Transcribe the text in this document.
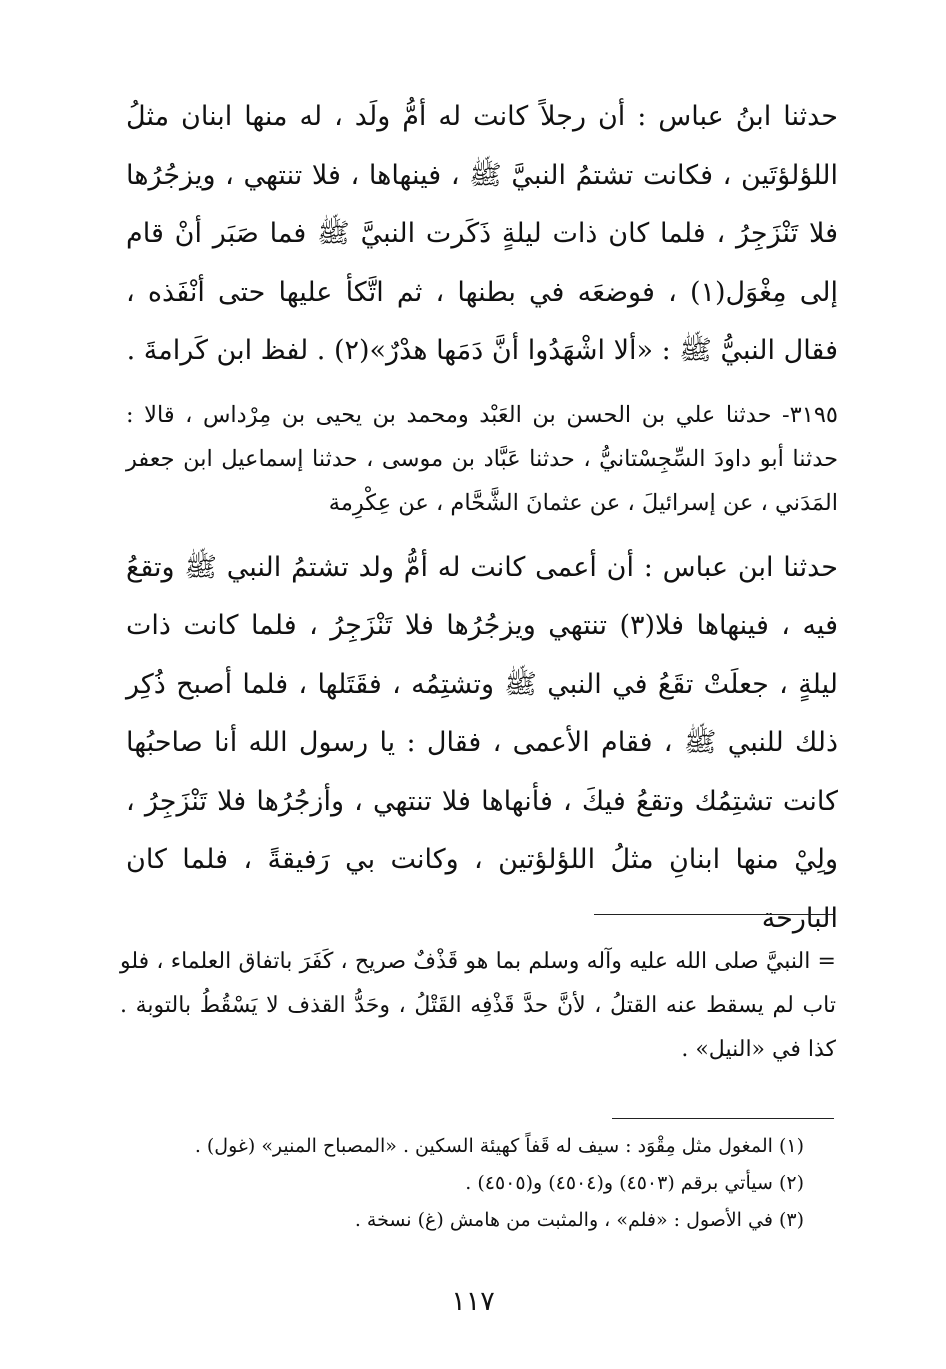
حدثنا ابنُ عباس : أن رجلاً كانت له أمُّ ولَد ، له منها ابنان مثلُ اللؤلؤتَين ، فكانت تشتمُ النبيَّ ﷺ ، فينهاها ، فلا تنتهي ، ويزجُرُها فلا تَنْزَجِرُ ، فلما كان ذات ليلةٍ ذَكَرت النبيَّ ﷺ فما صَبَر أنْ قام إلى مِغْوَل(١) ، فوضعَه في بطنها ، ثم اتَّكأ عليها حتى أنْفَذه ، فقال النبيُّ ﷺ : «ألا اشْهَدُوا أنَّ دَمَها هدْرٌ»(٢) . لفظ ابن كَرامةَ .

٣١٩٥- حدثنا علي بن الحسن بن العَبْد ومحمد بن يحيى بن مِرْداس ، قالا : حدثنا أبو داودَ السِّجِسْتانيُّ ، حدثنا عَبَّاد بن موسى ، حدثنا إسماعيل ابن جعفر المَدَني ، عن إسرائيلَ ، عن عثمانَ الشَّحَّام ، عن عِكْرِمة

حدثنا ابن عباس : أن أعمى كانت له أمُّ ولد تشتمُ النبي ﷺ وتقعُ فيه ، فينهاها فلا(٣) تنتهي ويزجُرُها فلا تَنْزَجِرُ ، فلما كانت ذات ليلةٍ ، جعلَتْ تقَعُ في النبي ﷺ وتشتِمُه ، فقَتَلها ، فلما أصبح ذُكِر ذلك للنبي ﷺ ، فقام الأعمى ، فقال : يا رسول الله أنا صاحبُها كانت تشتِمُك وتقعُ فيكَ ، فأنهاها فلا تنتهي ، وأزجُرُها فلا تَنْزَجِرُ ، ولِيْ منها ابنانِ مثلُ اللؤلؤتين ، وكانت بي رَفيقةً ، فلما كان البارحة

= النبيَّ صلى الله عليه وآله وسلم بما هو قَذْفٌ صريح ، كَفَرَ باتفاق العلماء ، فلو تاب لم يسقط عنه القتلُ ، لأنَّ حدَّ قَذْفِه القَتْلُ ، وحَدُّ القذف لا يَسْقُطُ بالتوبة . كذا في «النيل» .

(١) المغول مثل مِقْوَد : سيف له قَفاً كهيئة السكين . «المصباح المنير» (غول) .
(٢) سيأتي برقم (٤٥٠٣) و(٤٥٠٤) و(٤٥٠٥) .
(٣) في الأصول : «فلم» ، والمثبت من هامش (غ) نسخة .
١١٧
